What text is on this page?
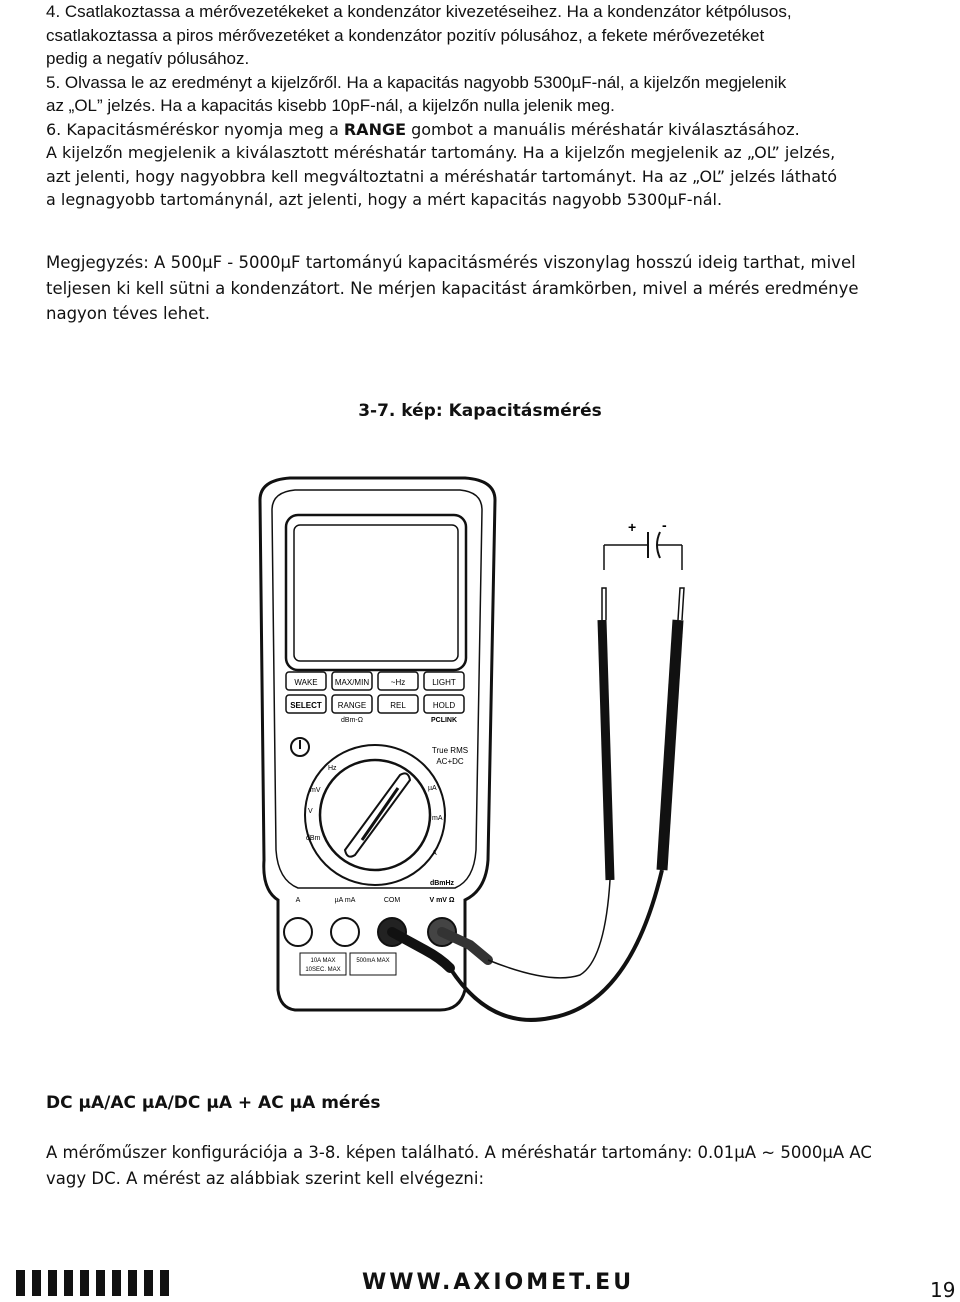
4. Csatlakoztassa a mérővezetékeket a kondenzátor kivezetéseihez. Ha a kondenzátor kétpólusos,
csatlakoztassa a piros mérővezetéket a kondenzátor pozitív pólusához, a fekete mérővezetéket
pedig a negatív pólusához.
5. Olvassa le az eredményt a kijelzőről. Ha a kapacitás nagyobb 5300µF-nál, a kijelzőn megjelenik
az „OL” jelzés. Ha a kapacitás kisebb 10pF-nál, a kijelzőn nulla jelenik meg.
6. Kapacitásméréskor nyomja meg a RANGE gombot a manuális méréshatár kiválasztásához.
A kijelzőn megjelenik a kiválasztott méréshatár tartomány. Ha a kijelzőn megjelenik az „OL” jelzés,
azt jelenti, hogy nagyobbra kell megváltoztatni a méréshatár tartományt. Ha az „OL” jelzés látható
a legnagyobb tartománynál, azt jelenti, hogy a mért kapacitás nagyobb 5300µF-nál.
Megjegyzés: A 500µF - 5000µF tartományú kapacitásmérés viszonylag hosszú ideig tarthat, mivel
teljesen ki kell sütni a kondenzátort. Ne mérjen kapacitást áramkörben, mivel a mérés eredménye
nagyon téves lehet.
3-7. kép: Kapacitásmérés
WAKE MAX/MIN	~Hz	LIGHT
SELECT RANGE	REL	HOLD
dBm-Ω	PCLINK
True RMS
AC+DC
Hz
mV
V
dBm
A
mA
µA
A	µA mA	COM
dBmHz
V mV Ω
10A MAX
10SEC. MAX
500mA MAX
+ -
DC µA/AC µA/DC µA + AC µA mérés
A mérőműszer konfigurációja a 3-8. képen található. A méréshatár tartomány: 0.01µA ~ 5000µA AC
vagy DC. A mérést az alábbiak szerint kell elvégezni:
WWW.AXIOMET.EU	19
